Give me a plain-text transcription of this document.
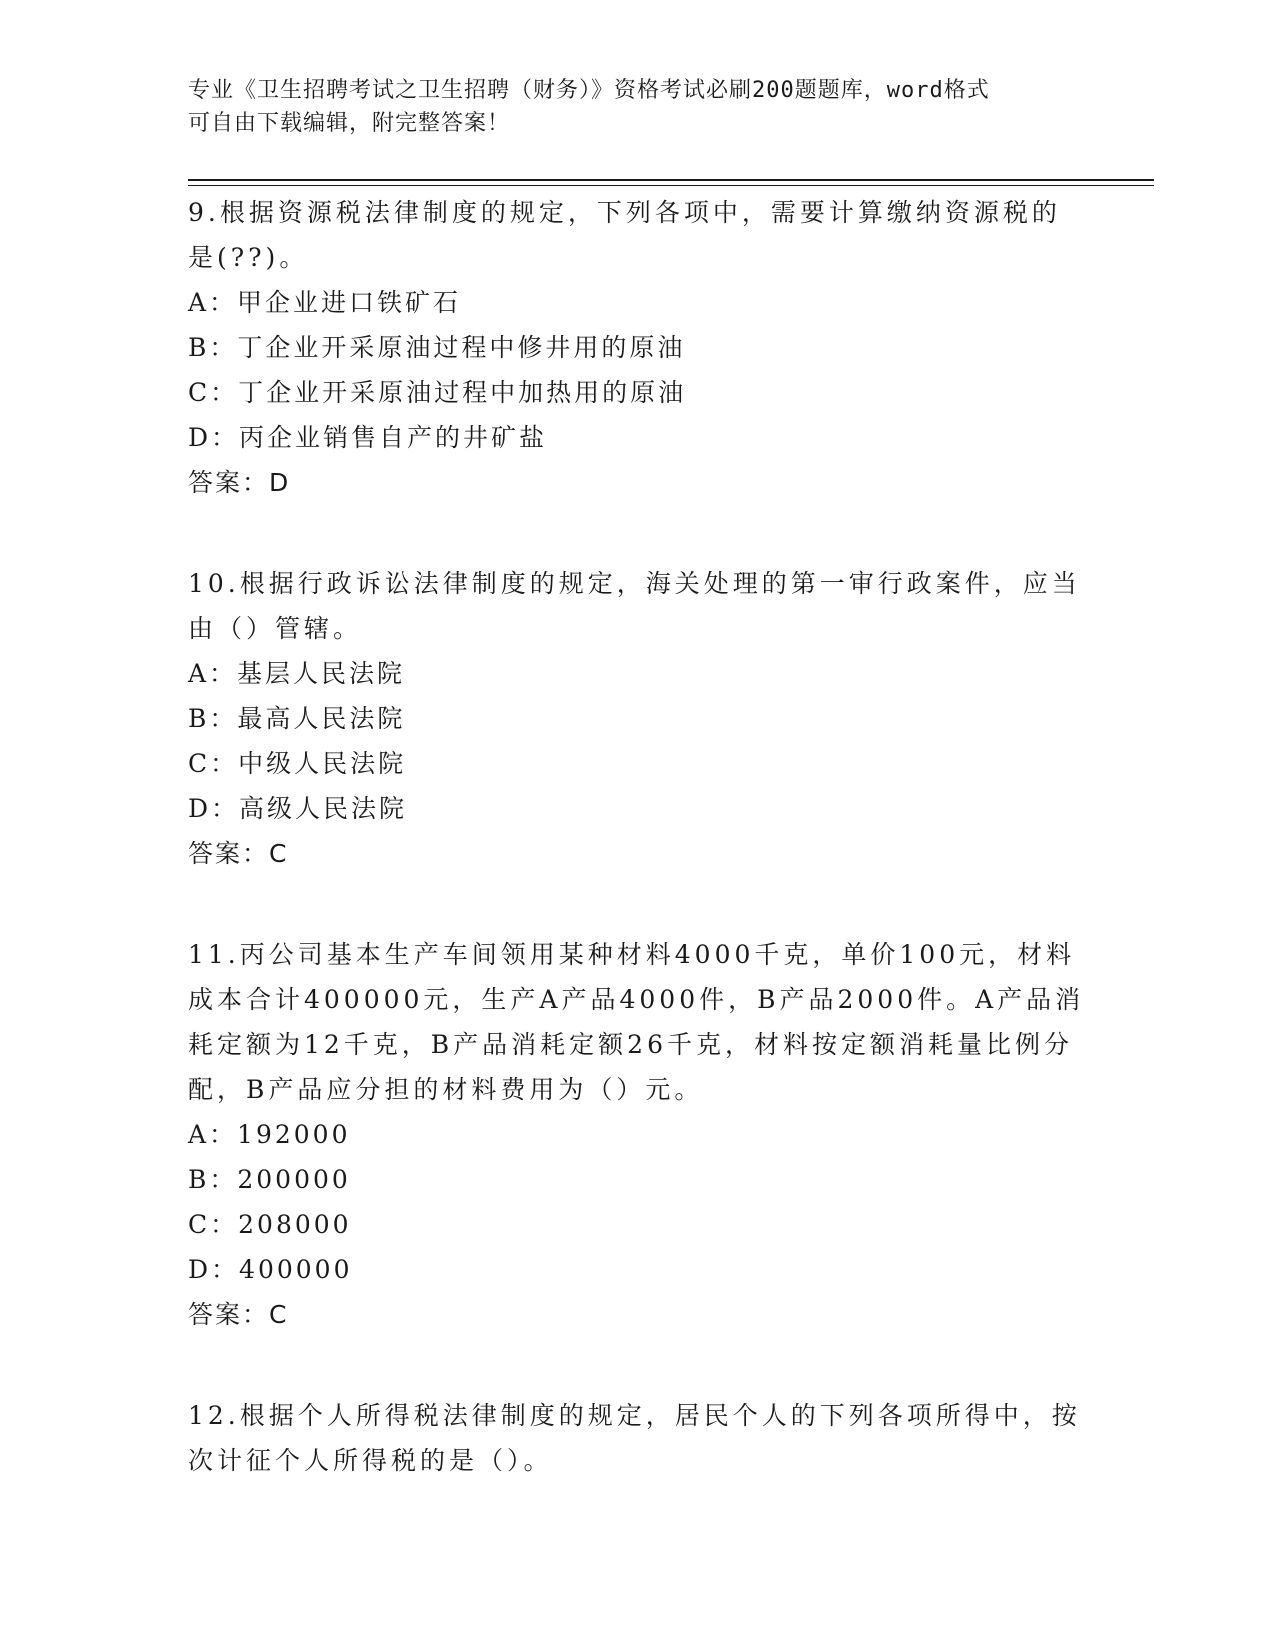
专业《卫生招聘考试之卫生招聘（财务）》资格考试必刷200题题库，word格式
可自由下载编辑，附完整答案！

9.根据资源税法律制度的规定，下列各项中，需要计算缴纳资源税的是(??)。

A：甲企业进口铁矿石
B：丁企业开采原油过程中修井用的原油
C：丁企业开采原油过程中加热用的原油
D：丙企业销售自产的井矿盐
答案：D

10.根据行政诉讼法律制度的规定，海关处理的第一审行政案件，应当由（）管辖。

A：基层人民法院
B：最高人民法院
C：中级人民法院
D：高级人民法院
答案：C

11.丙公司基本生产车间领用某种材料4000千克，单价100元，材料成本合计400000元，生产A产品4000件，B产品2000件。A产品消耗定额为12千克，B产品消耗定额26千克，材料按定额消耗量比例分配，B产品应分担的材料费用为（）元。

A：192000
B：200000
C：208000
D：400000
答案：C

12.根据个人所得税法律制度的规定，居民个人的下列各项所得中，按次计征个人所得税的是（）。
